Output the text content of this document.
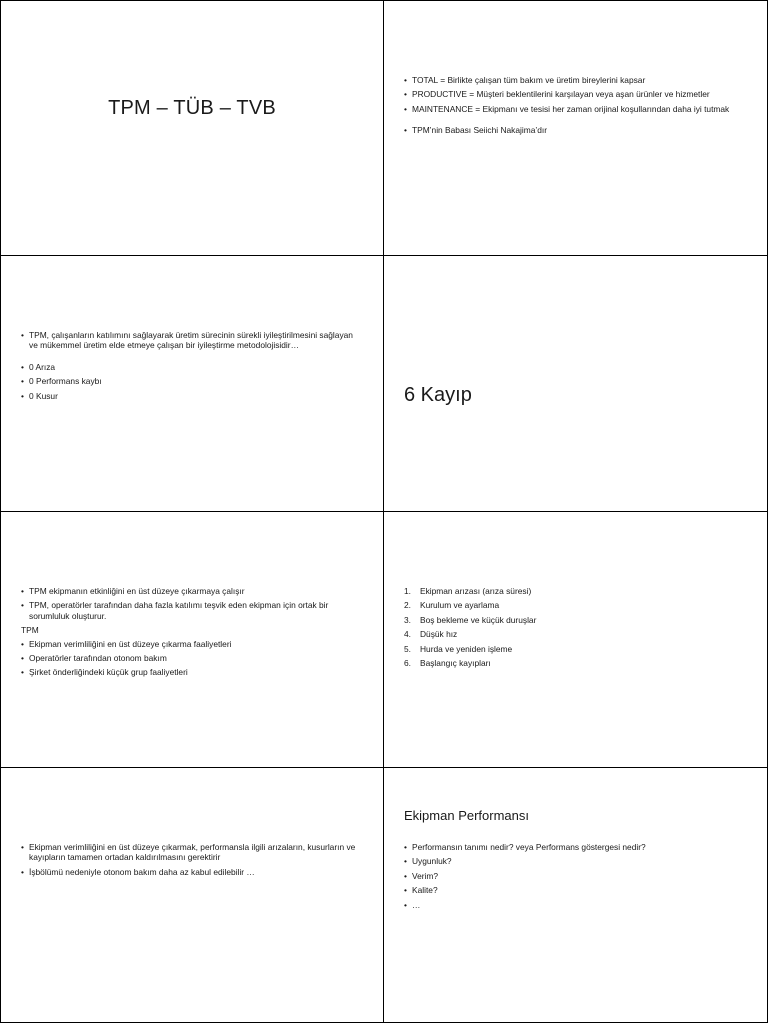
TPM – TÜB – TVB
• TOTAL = Birlikte çalışan tüm bakım ve üretim bireylerini kapsar
• PRODUCTIVE = Müşteri beklentilerini karşılayan veya aşan ürünler ve hizmetler
• MAINTENANCE = Ekipmanı ve tesisi her zaman orijinal koşullarından daha iyi tutmak
• TPM’nin Babası Seiichi Nakajima’dır
• TPM, çalışanların katılımını sağlayarak üretim sürecinin sürekli iyileştirilmesini sağlayan ve mükemmel üretim elde etmeye çalışan bir iyileştirme metodolojisidir…
• 0 Arıza
• 0 Performans kaybı
• 0 Kusur	6 Kayıp
• TPM ekipmanın etkinliğini en üst düzeye çıkarmaya çalışır
• TPM, operatörler tarafından daha fazla katılımı teşvik eden ekipman için ortak bir sorumluluk oluşturur.
TPM
• Ekipman verimliliğini en üst düzeye çıkarma faaliyetleri
• Operatörler tarafından otonom bakım
• Şirket önderliğindeki küçük grup faaliyetleri
1. Ekipman arızası (arıza süresi)
2. Kurulum ve ayarlama
3. Boş bekleme ve küçük duruşlar
4. Düşük hız
5. Hurda ve yeniden işleme
6. Başlangıç kayıpları
• Ekipman verimliliğini en üst düzeye çıkarmak, performansla ilgili arızaların, kusurların ve kayıpların tamamen ortadan kaldırılmasını gerektirir
• İşbölümü nedeniyle otonom bakım daha az kabul edilebilir …
Ekipman Performansı
• Performansın tanımı nedir? veya Performans göstergesi nedir?
• Uygunluk?
• Verim?
• Kalite?
• …
